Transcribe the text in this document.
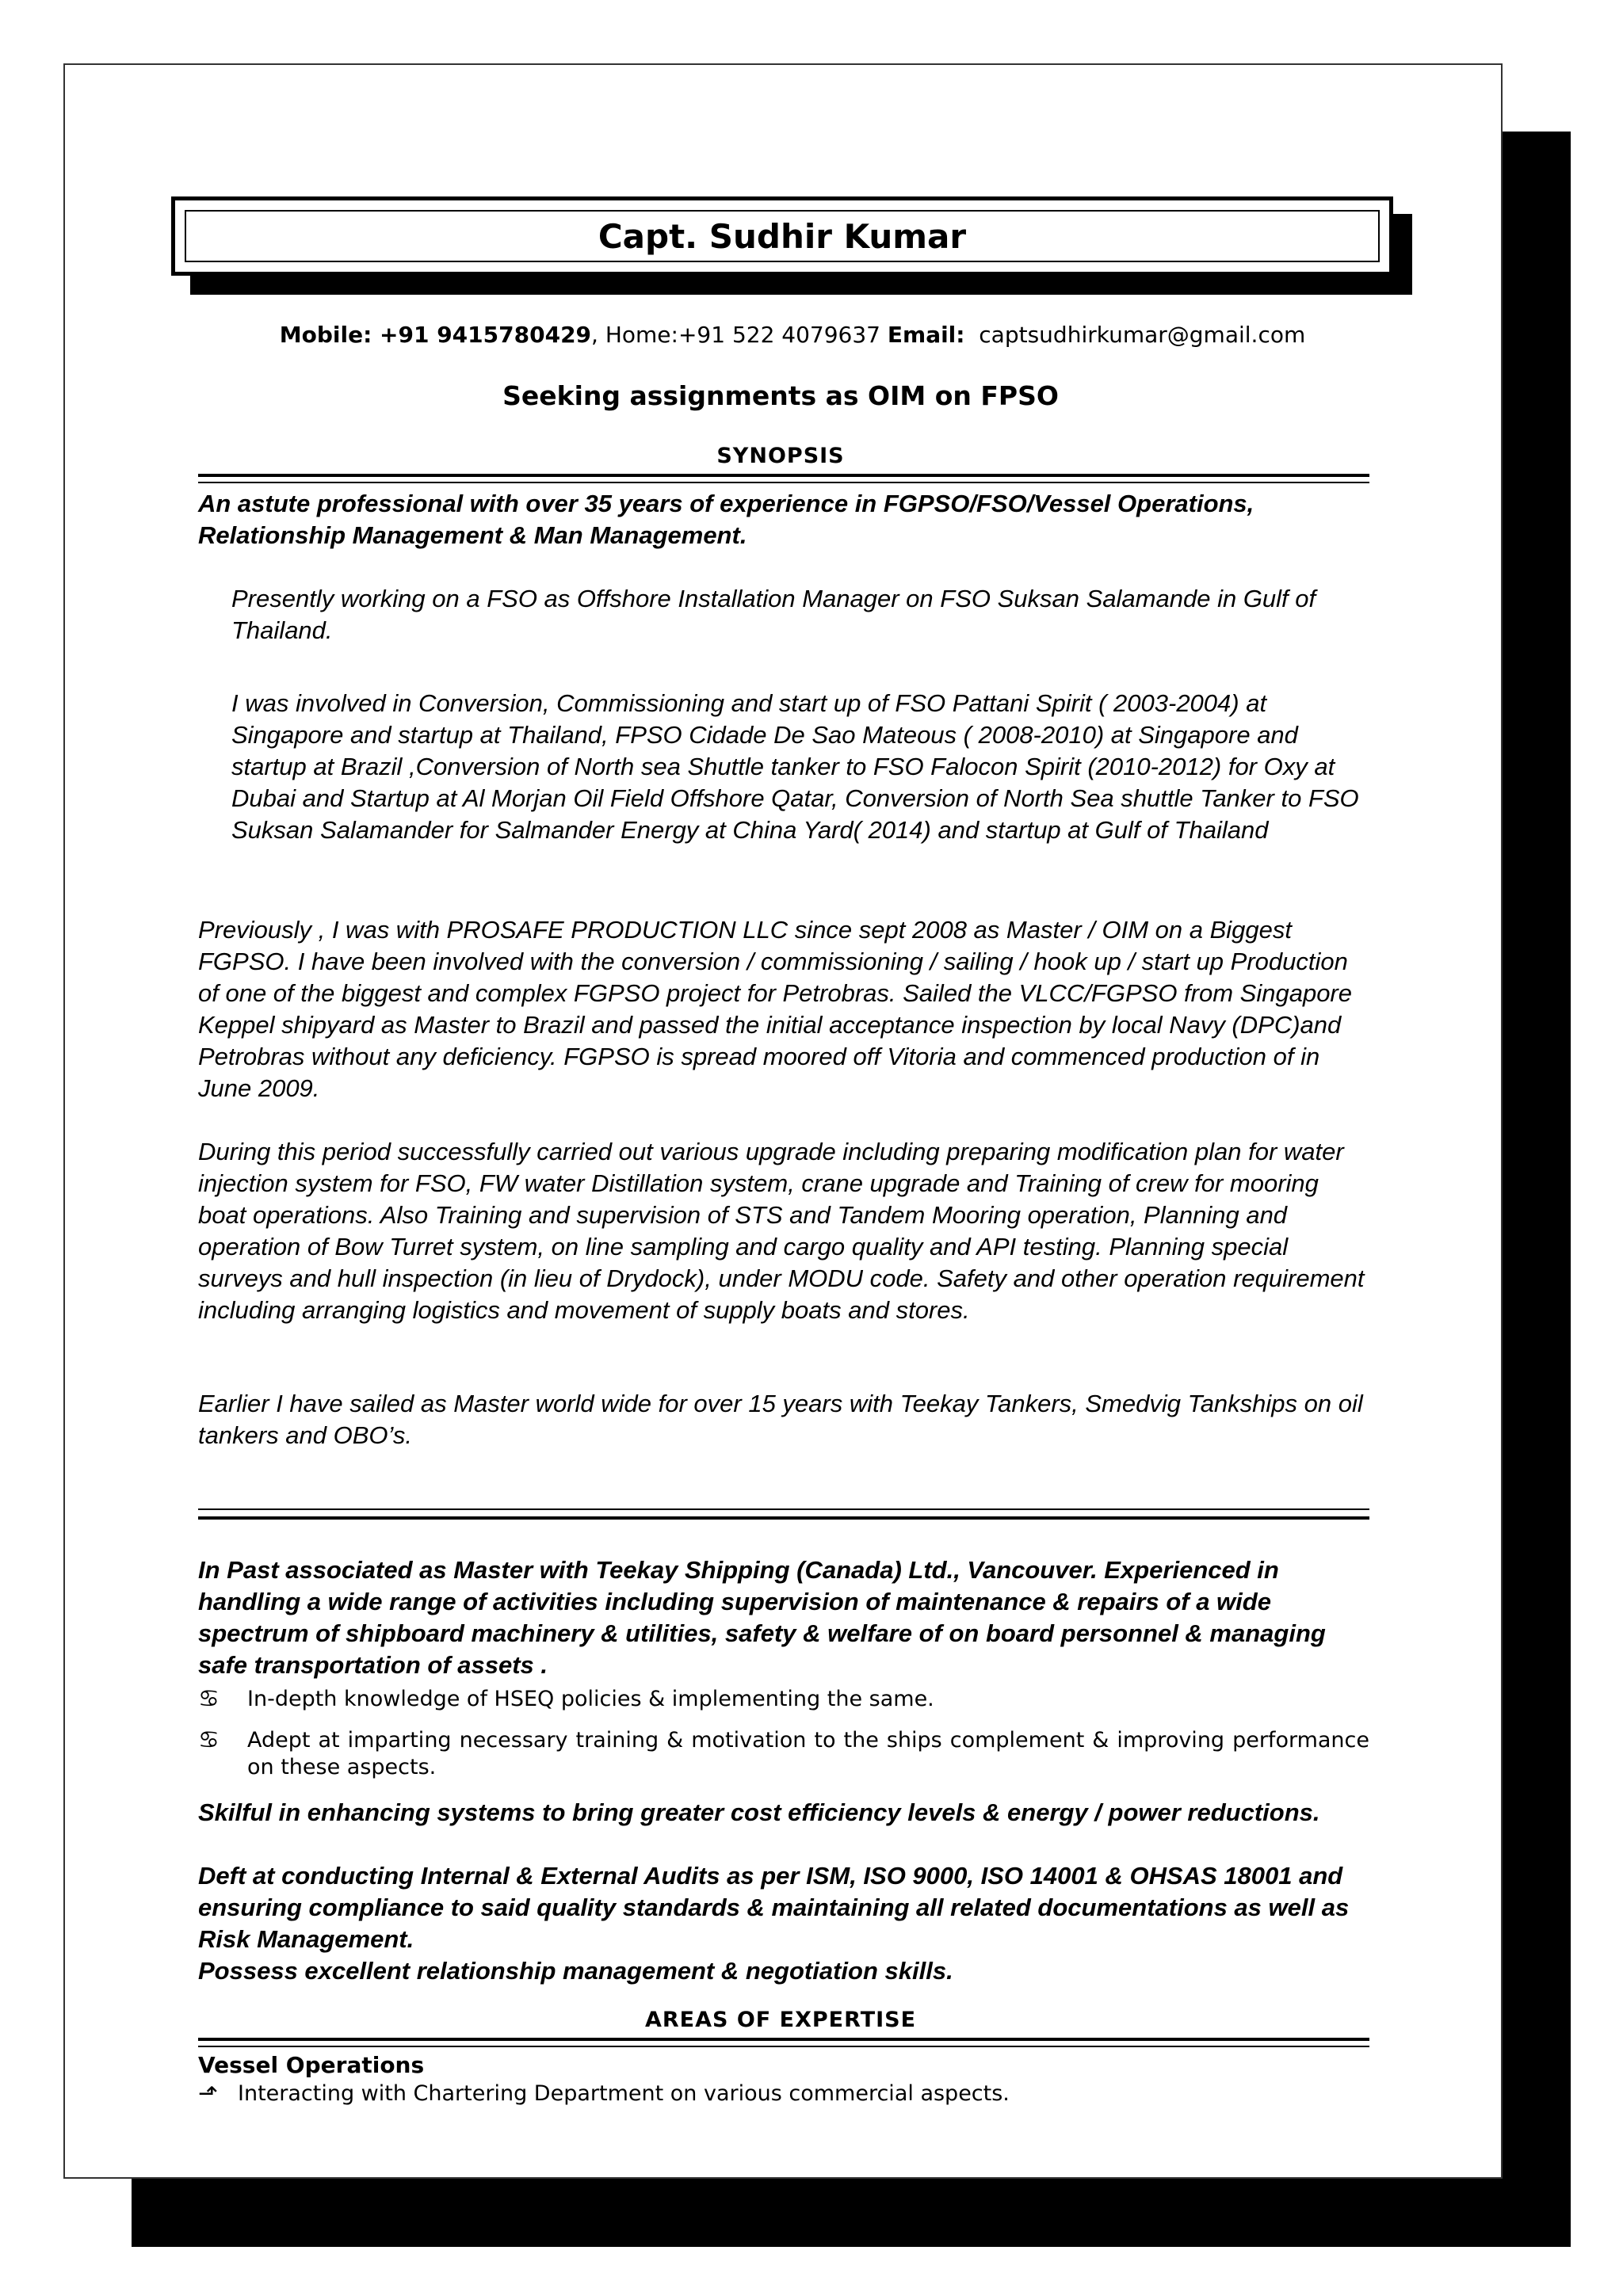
Capt. Sudhir Kumar
Mobile: +91 9415780429, Home:+91 522 4079637 Email:  captsudhirkumar@gmail.com
Seeking assignments as OIM on FPSO
SYNOPSIS
An astute professional with over 35 years of experience in FGPSO/FSO/Vessel Operations, Relationship Management & Man Management.
Presently working on a FSO as Offshore Installation Manager on FSO Suksan Salamande in Gulf of Thailand.
I was involved in Conversion, Commissioning and start up of FSO Pattani Spirit ( 2003-2004) at Singapore and startup at Thailand, FPSO Cidade De Sao Mateous ( 2008-2010) at Singapore and startup at Brazil ,Conversion of North sea Shuttle tanker to FSO Falocon Spirit (2010-2012) for Oxy at Dubai and Startup at Al Morjan Oil Field Offshore Qatar, Conversion of North Sea shuttle Tanker to FSO Suksan Salamander for Salmander Energy at China Yard( 2014) and startup at Gulf of Thailand
Previously , I was with PROSAFE PRODUCTION LLC since sept 2008 as Master / OIM on a Biggest FGPSO. I have been involved with the conversion / commissioning / sailing / hook up / start up Production of one of the biggest and complex FGPSO project for Petrobras. Sailed the VLCC/FGPSO from Singapore Keppel shipyard as Master to Brazil and passed the initial acceptance inspection by local Navy (DPC)and Petrobras without any deficiency. FGPSO is spread moored off Vitoria and commenced production of in June 2009.
During this period successfully carried out various upgrade including preparing modification plan for water injection system for FSO, FW water Distillation system, crane upgrade and Training of crew for mooring boat operations. Also Training and supervision of STS and Tandem Mooring operation, Planning and operation of Bow Turret system, on line sampling and cargo quality and API testing. Planning special surveys and hull inspection (in lieu of Drydock), under MODU code. Safety and other operation requirement including arranging logistics and movement of supply boats and stores.
Earlier I have sailed as Master world wide for over 15 years with Teekay Tankers, Smedvig Tankships on oil tankers and OBO’s.
In Past associated as Master with Teekay Shipping (Canada) Ltd., Vancouver. Experienced in handling a wide range of activities including supervision of maintenance & repairs of a wide spectrum of shipboard machinery & utilities, safety & welfare of on board personnel & managing safe transportation of assets .
♋	In-depth knowledge of HSEQ policies & implementing the same.
♋	Adept at imparting necessary training & motivation to the ships complement & improving performance on these aspects.
Skilful in enhancing systems to bring greater cost efficiency levels & energy / power reductions.
Deft at conducting Internal & External Audits as per ISM, ISO 9000, ISO 14001 & OHSAS 18001 and ensuring compliance to said quality standards & maintaining all related documentations as well as Risk Management.
Possess excellent relationship management & negotiation skills.
AREAS OF EXPERTISE
Vessel Operations
⬏ Interacting with Chartering Department on various commercial aspects.
